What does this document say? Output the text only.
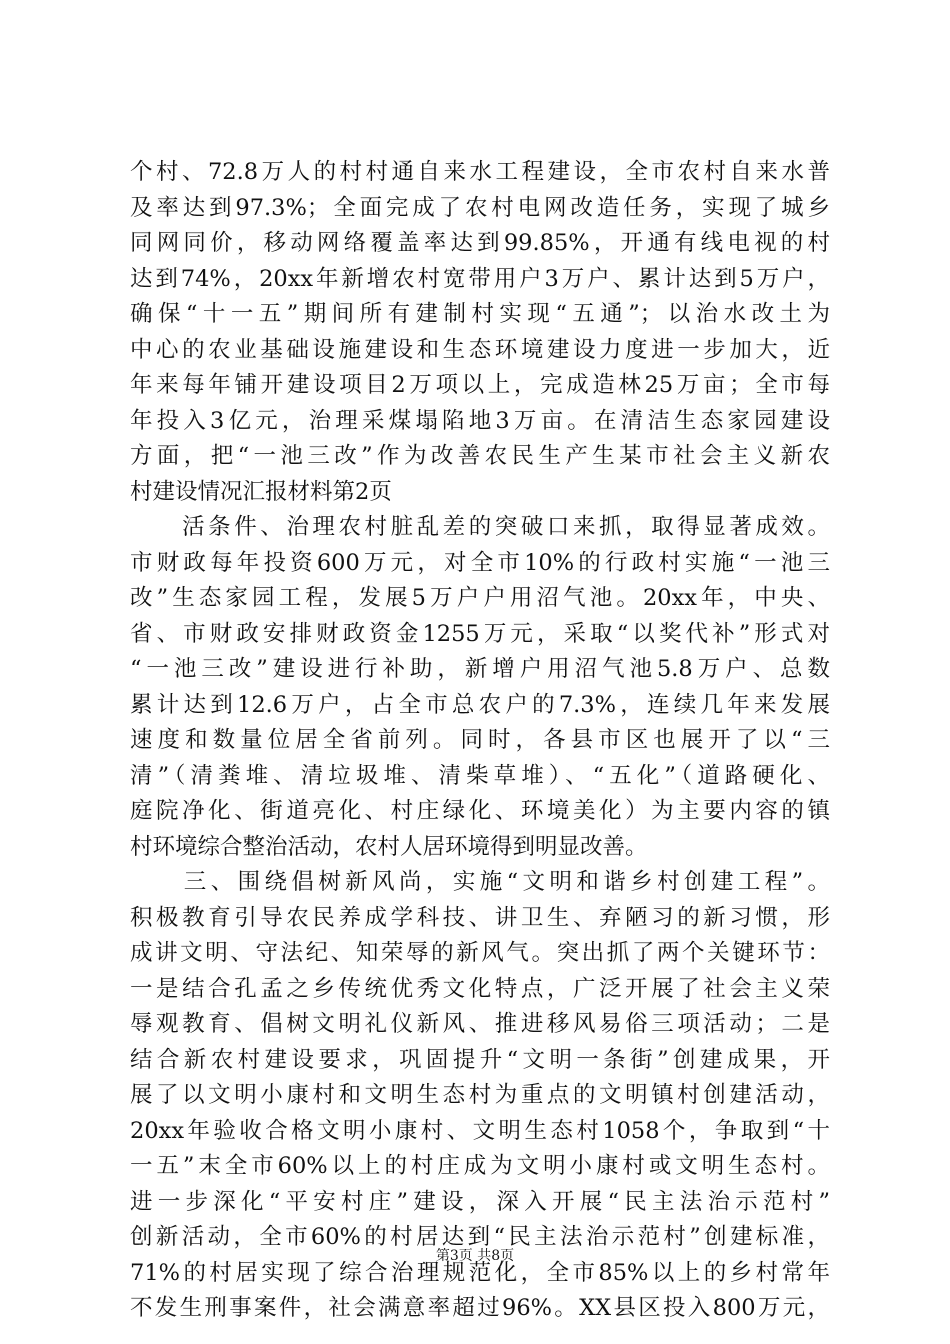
个村、72.8万人的村村通自来水工程建设，全市农村自来水普
及率达到97.3%；全面完成了农村电网改造任务，实现了城乡
同网同价，移动网络覆盖率达到99.85%，开通有线电视的村
达到74%，20xx年新增农村宽带用户3万户、累计达到5万户，
确保“十一五”期间所有建制村实现“五通”；以治水改土为
中心的农业基础设施建设和生态环境建设力度进一步加大，近
年来每年铺开建设项目2万项以上，完成造林25万亩；全市每
年投入3亿元，治理采煤塌陷地3万亩。在清洁生态家园建设
方面，把“一池三改”作为改善农民生产生某市社会主义新农
村建设情况汇报材料第2页
　　活条件、治理农村脏乱差的突破口来抓，取得显著成效。
市财政每年投资600万元，对全市10%的行政村实施“一池三
改”生态家园工程，发展5万户户用沼气池。20xx年，中央、
省、市财政安排财政资金1255万元，采取“以奖代补”形式对
“一池三改”建设进行补助，新增户用沼气池5.8万户、总数
累计达到12.6万户，占全市总农户的7.3%，连续几年来发展
速度和数量位居全省前列。同时，各县市区也展开了以“三
清”（清粪堆、清垃圾堆、清柴草堆）、“五化”（道路硬化、
庭院净化、街道亮化、村庄绿化、环境美化）为主要内容的镇
村环境综合整治活动，农村人居环境得到明显改善。
　　三、围绕倡树新风尚，实施“文明和谐乡村创建工程”。
积极教育引导农民养成学科技、讲卫生、弃陋习的新习惯，形
成讲文明、守法纪、知荣辱的新风气。突出抓了两个关键环节：
一是结合孔孟之乡传统优秀文化特点，广泛开展了社会主义荣
辱观教育、倡树文明礼仪新风、推进移风易俗三项活动；二是
结合新农村建设要求，巩固提升“文明一条街”创建成果，开
展了以文明小康村和文明生态村为重点的文明镇村创建活动，
20xx年验收合格文明小康村、文明生态村1058个，争取到“十
一五”末全市60%以上的村庄成为文明小康村或文明生态村。
进一步深化“平安村庄”建设，深入开展“民主法治示范村”
创新活动，全市60%的村居达到“民主法治示范村”创建标准，
71%的村居实现了综合治理规范化，全市85%以上的乡村常年
不发生刑事案件，社会满意率超过96%。XX县区投入800万元，
第3页 共8页
